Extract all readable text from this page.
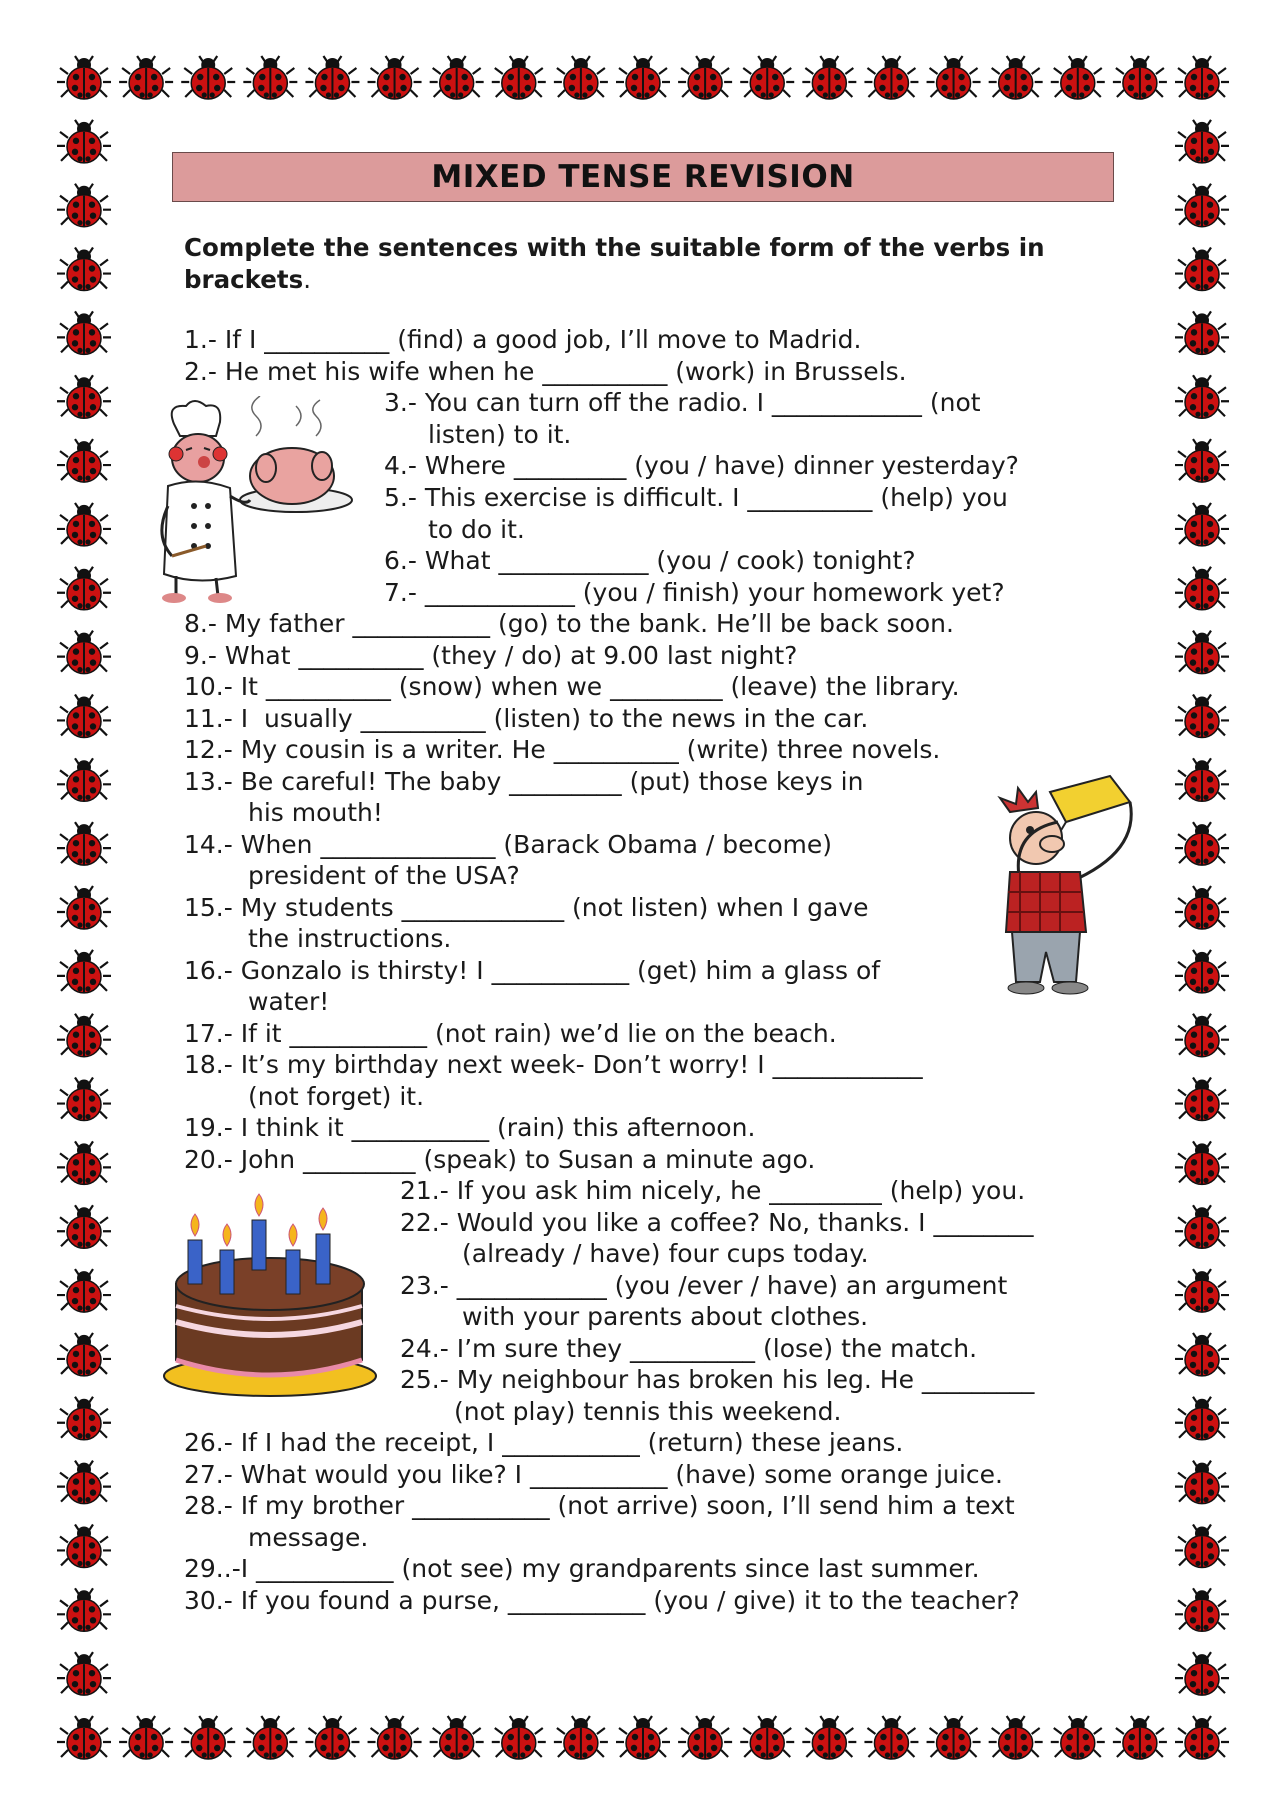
MIXED TENSE REVISION
Complete the sentences with the suitable form of the verbs in brackets.
1.- If I __________ (find) a good job, I’ll move to Madrid.
2.- He met his wife when he __________ (work) in Brussels.
3.- You can turn off the radio. I ____________ (not
listen) to it.
4.- Where _________ (you / have) dinner yesterday?
5.- This exercise is difficult. I __________ (help) you
to do it.
6.- What ____________ (you / cook) tonight?
7.- ____________ (you / finish) your homework yet?
8.- My father ___________ (go) to the bank. He’ll be back soon.
9.- What __________ (they / do) at 9.00 last night?
10.- It __________ (snow) when we _________ (leave) the library.
11.- I  usually __________ (listen) to the news in the car.
12.- My cousin is a writer. He __________ (write) three novels.
13.- Be careful! The baby _________ (put) those keys in
his mouth!
14.- When ______________ (Barack Obama / become)
president of the USA?
15.- My students _____________ (not listen) when I gave
the instructions.
16.- Gonzalo is thirsty! I ___________ (get) him a glass of
water!
17.- If it ___________ (not rain) we’d lie on the beach.
18.- It’s my birthday next week- Don’t worry! I ____________
(not forget) it.
19.- I think it ___________ (rain) this afternoon.
20.- John _________ (speak) to Susan a minute ago.
21.- If you ask him nicely, he _________ (help) you.
22.- Would you like a coffee? No, thanks. I ________
(already / have) four cups today.
23.- ____________ (you /ever / have) an argument
with your parents about clothes.
24.- I’m sure they __________ (lose) the match.
25.- My neighbour has broken his leg. He _________
(not play) tennis this weekend.
26.- If I had the receipt, I ___________ (return) these jeans.
27.- What would you like? I ___________ (have) some orange juice.
28.- If my brother ___________ (not arrive) soon, I’ll send him a text
message.
29..-I ___________ (not see) my grandparents since last summer.
30.- If you found a purse, ___________ (you / give) it to the teacher?
